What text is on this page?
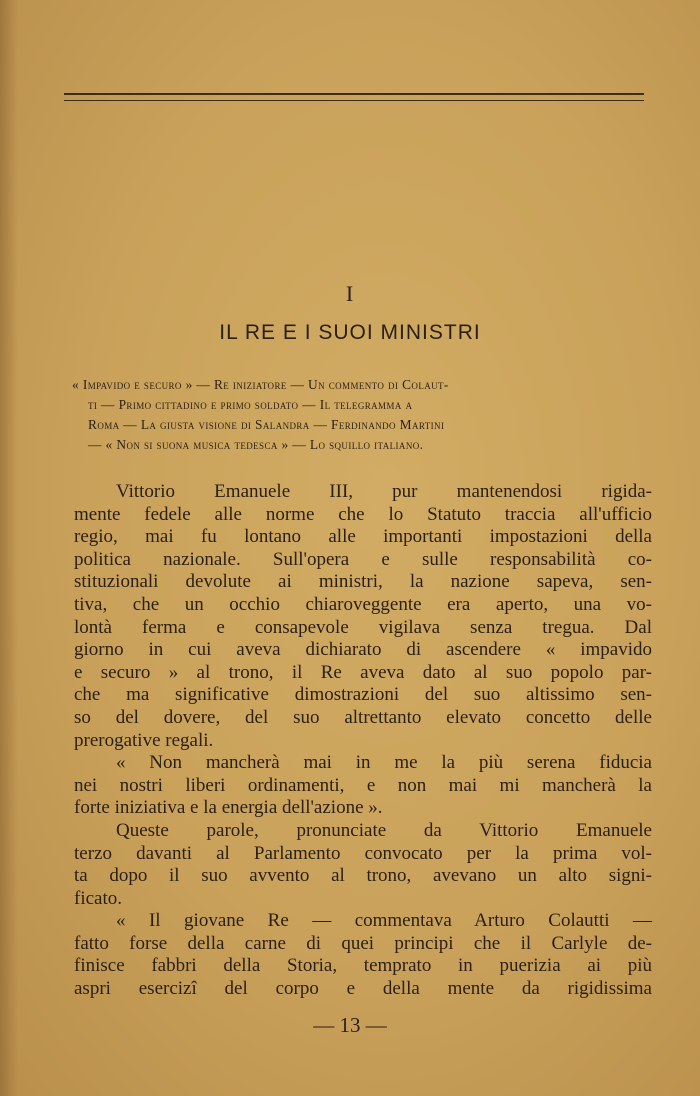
I
IL RE E I SUOI MINISTRI
« Impavido e securo » — Re iniziatore — Un commento di Colaut-
ti — Primo cittadino e primo soldato — Il telegramma a
Roma — La giusta visione di Salandra — Ferdinando Martini
— « Non si suona musica tedesca » — Lo squillo italiano.
Vittorio Emanuele III, pur mantenendosi rigida-
mente fedele alle norme che lo Statuto traccia all'ufficio
regio, mai fu lontano alle importanti impostazioni della
politica nazionale. Sull'opera e sulle responsabilità co-
stituzionali devolute ai ministri, la nazione sapeva, sen-
tiva, che un occhio chiaroveggente era aperto, una vo-
lontà ferma e consapevole vigilava senza tregua. Dal
giorno in cui aveva dichiarato di ascendere « impavido
e securo » al trono, il Re aveva dato al suo popolo par-
che ma significative dimostrazioni del suo altissimo sen-
so del dovere, del suo altrettanto elevato concetto delle
prerogative regali.
« Non mancherà mai in me la più serena fiducia
nei nostri liberi ordinamenti, e non mai mi mancherà la
forte iniziativa e la energia dell'azione ».
Queste parole, pronunciate da Vittorio Emanuele
terzo davanti al Parlamento convocato per la prima vol-
ta dopo il suo avvento al trono, avevano un alto signi-
ficato.
« Il giovane Re — commentava Arturo Colautti —
fatto forse della carne di quei principi che il Carlyle de-
finisce fabbri della Storia, temprato in puerizia ai più
aspri esercizî del corpo e della mente da rigidissima
— 13 —
